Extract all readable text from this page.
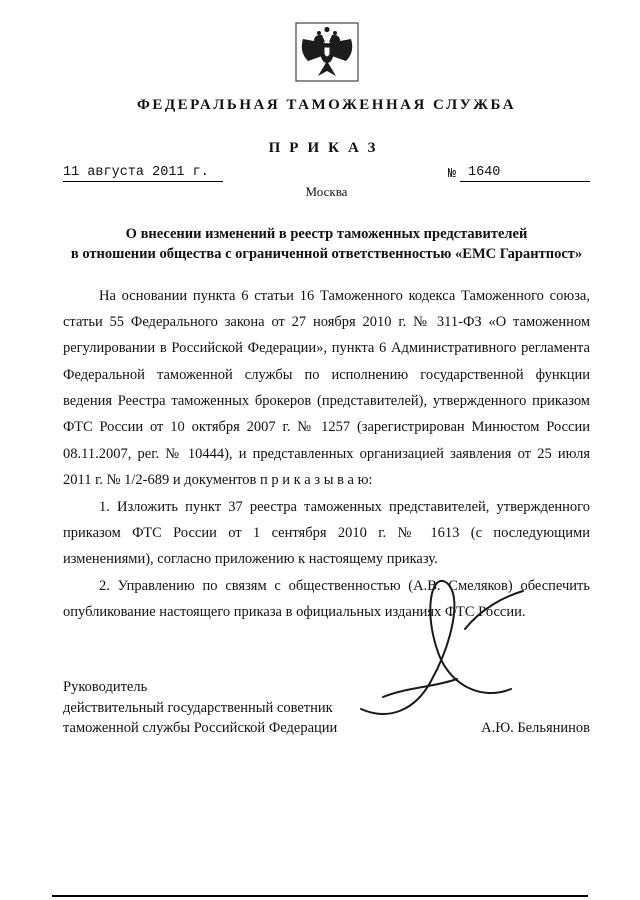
ФЕДЕРАЛЬНАЯ ТАМОЖЕННАЯ СЛУЖБА
ПРИКАЗ
11 августа 2011 г.	№ 1640
Москва
О внесении изменений в реестр таможенных представителей
в отношении общества с ограниченной ответственностью «ЕМС Гарантпост»

На основании пункта 6 статьи 16 Таможенного кодекса Таможенного союза, статьи 55 Федерального закона от 27 ноября 2010 г. № 311-ФЗ «О таможенном регулировании в Российской Федерации», пункта 6 Административного регламента Федеральной таможенной службы по исполнению государственной функции ведения Реестра таможенных брокеров (представителей), утвержденного приказом ФТС России от 10 октября 2007 г. № 1257 (зарегистрирован Минюстом России 08.11.2007, рег. № 10444), и представленных организацией заявления от 25 июля 2011 г. № 1/2-689 и документов п р и к а з ы в а ю:

1. Изложить пункт 37 реестра таможенных представителей, утвержденного приказом ФТС России от 1 сентября 2010 г. № 1613 (с последующими изменениями), согласно приложению к настоящему приказу.

2. Управлению по связям с общественностью (А.В. Смеляков) обеспечить опубликование настоящего приказа в официальных изданиях ФТС России.

Руководитель
действительный государственный советник
таможенной службы Российской Федерации	А.Ю. Бельянинов
